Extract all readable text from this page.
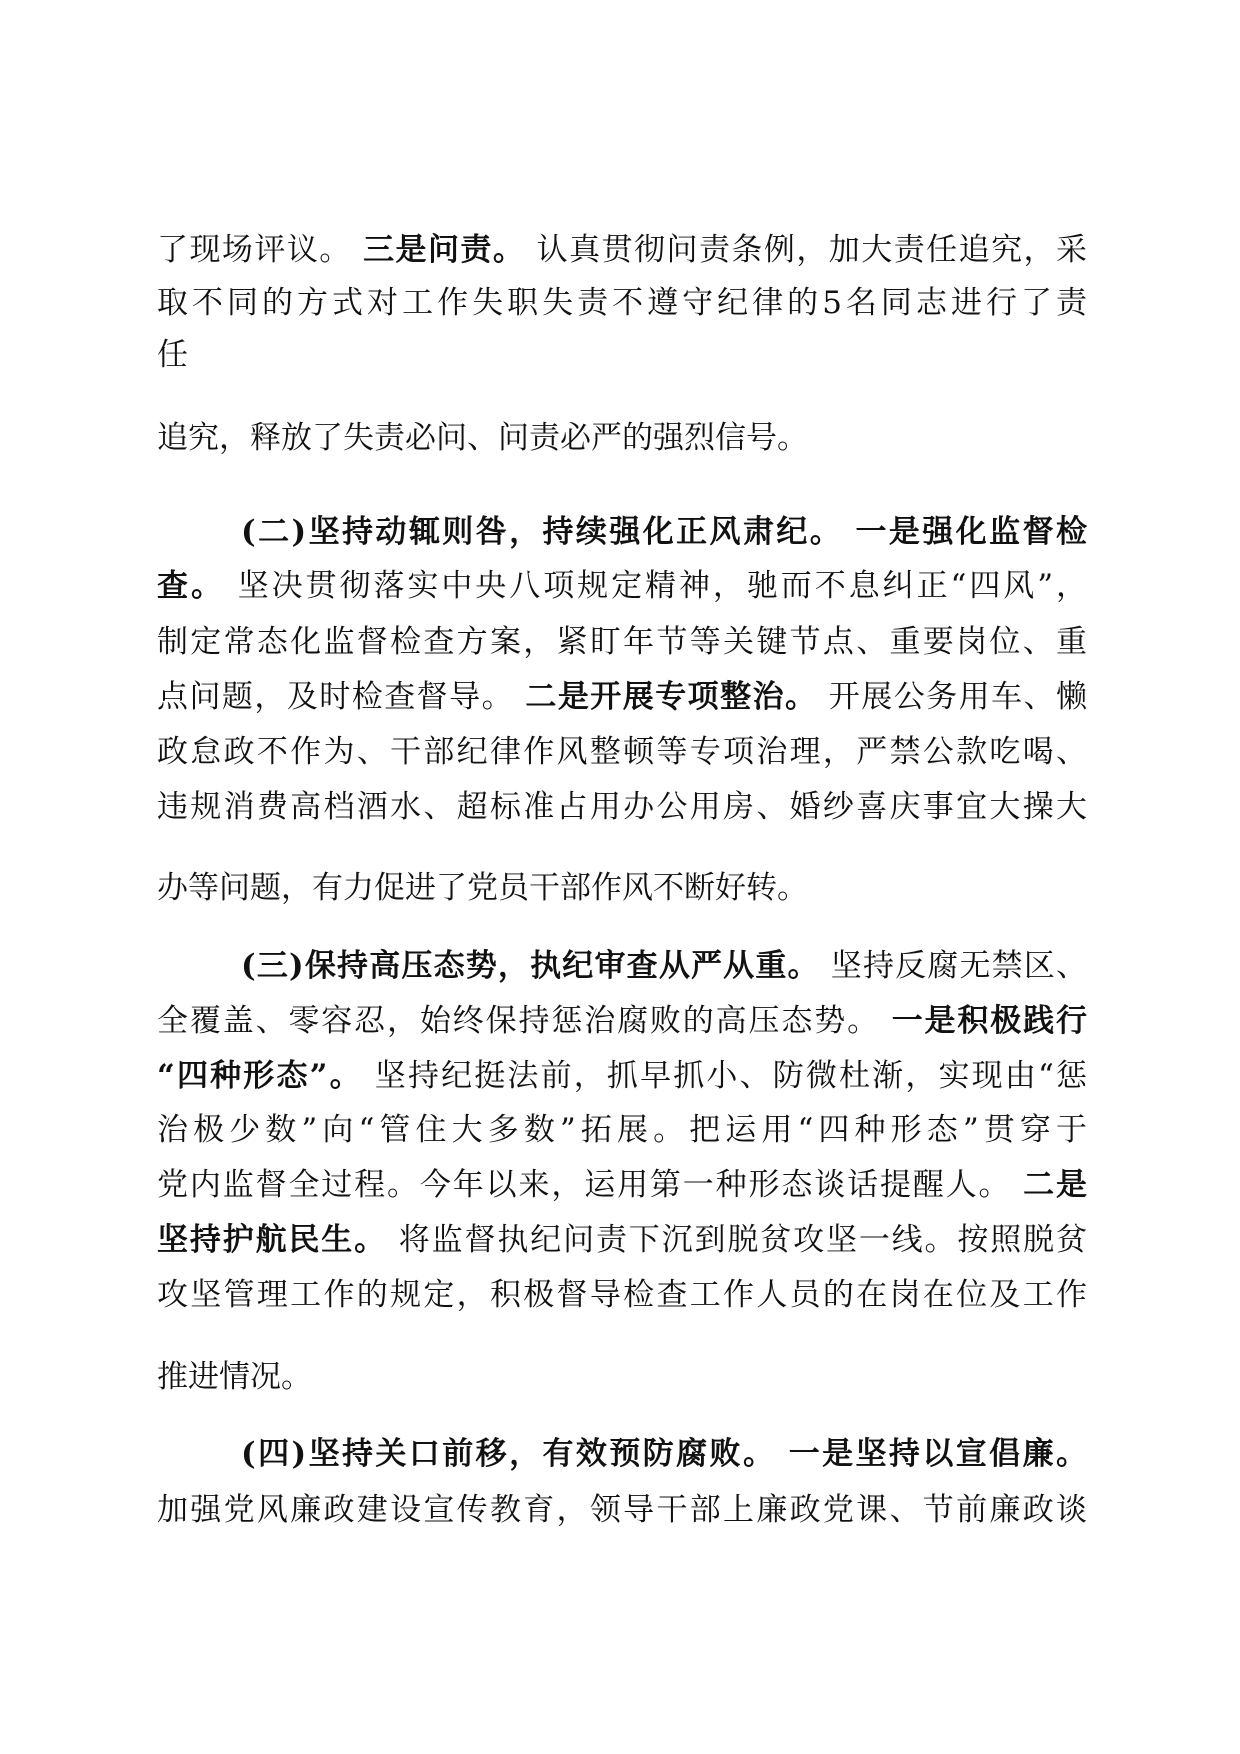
了现场评议。 三是问责。 认真贯彻问责条例，加大责任追究，采
取不同的方式对工作失职失责不遵守纪律的5名同志进行了责
任
追究，释放了失责必问、问责必严的强烈信号。
(二)坚持动辄则咎，持续强化正风肃纪。 一是强化监督检
查。 坚决贯彻落实中央八项规定精神，驰而不息纠正“四风”，
制定常态化监督检查方案，紧盯年节等关键节点、重要岗位、重
点问题，及时检查督导。 二是开展专项整治。 开展公务用车、懒
政怠政不作为、干部纪律作风整顿等专项治理，严禁公款吃喝、
违规消费高档酒水、超标准占用办公用房、婚纱喜庆事宜大操大
办等问题，有力促进了党员干部作风不断好转。
(三)保持高压态势，执纪审查从严从重。 坚持反腐无禁区、
全覆盖、零容忍，始终保持惩治腐败的高压态势。 一是积极践行
“四种形态”。 坚持纪挺法前，抓早抓小、防微杜渐，实现由“惩
治极少数”向“管住大多数”拓展。把运用“四种形态”贯穿于
党内监督全过程。今年以来，运用第一种形态谈话提醒人。 二是
坚持护航民生。 将监督执纪问责下沉到脱贫攻坚一线。按照脱贫
攻坚管理工作的规定，积极督导检查工作人员的在岗在位及工作
推进情况。
(四)坚持关口前移，有效预防腐败。 一是坚持以宣倡廉。
加强党风廉政建设宣传教育，领导干部上廉政党课、节前廉政谈
